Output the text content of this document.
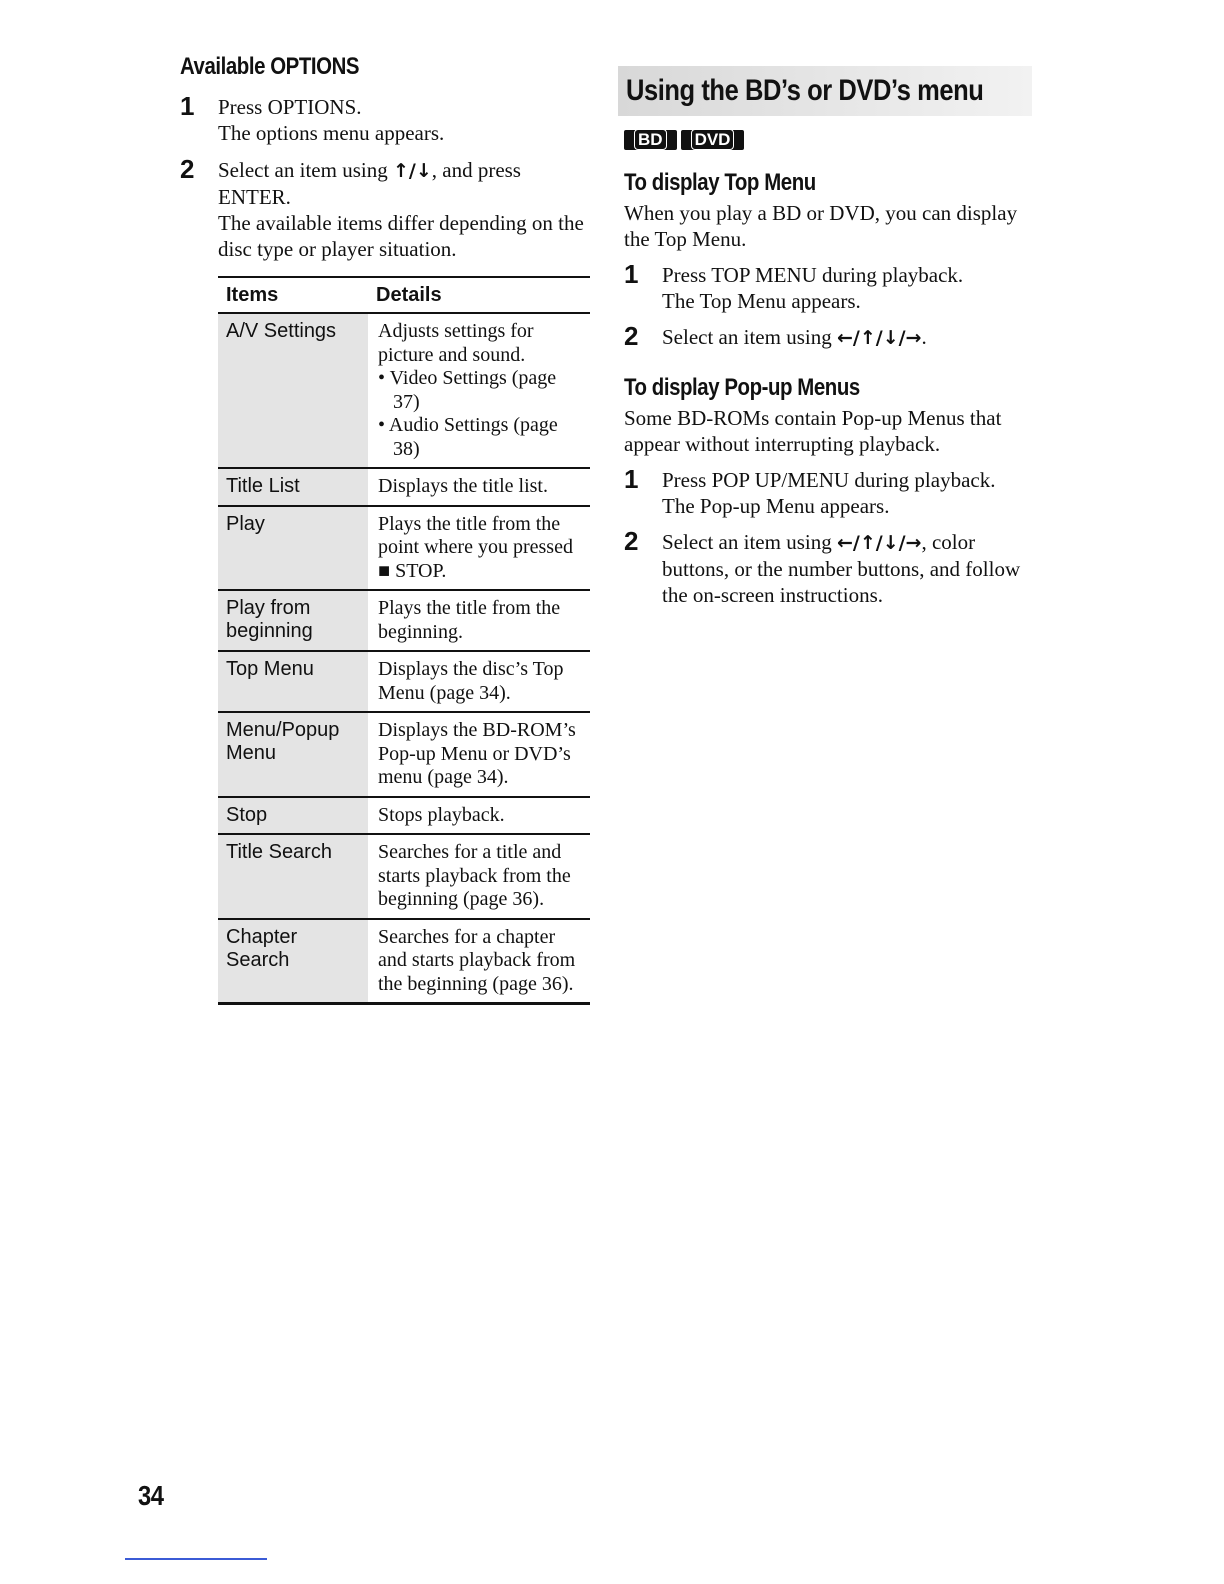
Available OPTIONS
1 Press OPTIONS.
The options menu appears.
2 Select an item using ↑/↓, and press ENTER.
The available items differ depending on the disc type or player situation.
Items	Details
A/V Settings	Adjusts settings for picture and sound.
• Video Settings (page 37)
• Audio Settings (page 38)

Title List	Displays the title list.
Play	Plays the title from the point where you pressed ■ STOP.
Play from beginning	Plays the title from the beginning.
Top Menu	Displays the disc’s Top Menu (page 34).
Menu/Popup Menu	Displays the BD-ROM’s Pop-up Menu or DVD’s menu (page 34).
Stop	Stops playback.
Title Search	Searches for a title and starts playback from the beginning (page 36).
Chapter Search	Searches for a chapter and starts playback from the beginning (page 36).
Using the BD’s or DVD’s menu
BD DVD
To display Top Menu
When you play a BD or DVD, you can display the Top Menu.
1 Press TOP MENU during playback.
The Top Menu appears.
2 Select an item using ←/↑/↓/→.
To display Pop-up Menus
Some BD-ROMs contain Pop-up Menus that appear without interrupting playback.
1 Press POP UP/MENU during playback.
The Pop-up Menu appears.
2 Select an item using ←/↑/↓/→, color buttons, or the number buttons, and follow the on-screen instructions.
34
